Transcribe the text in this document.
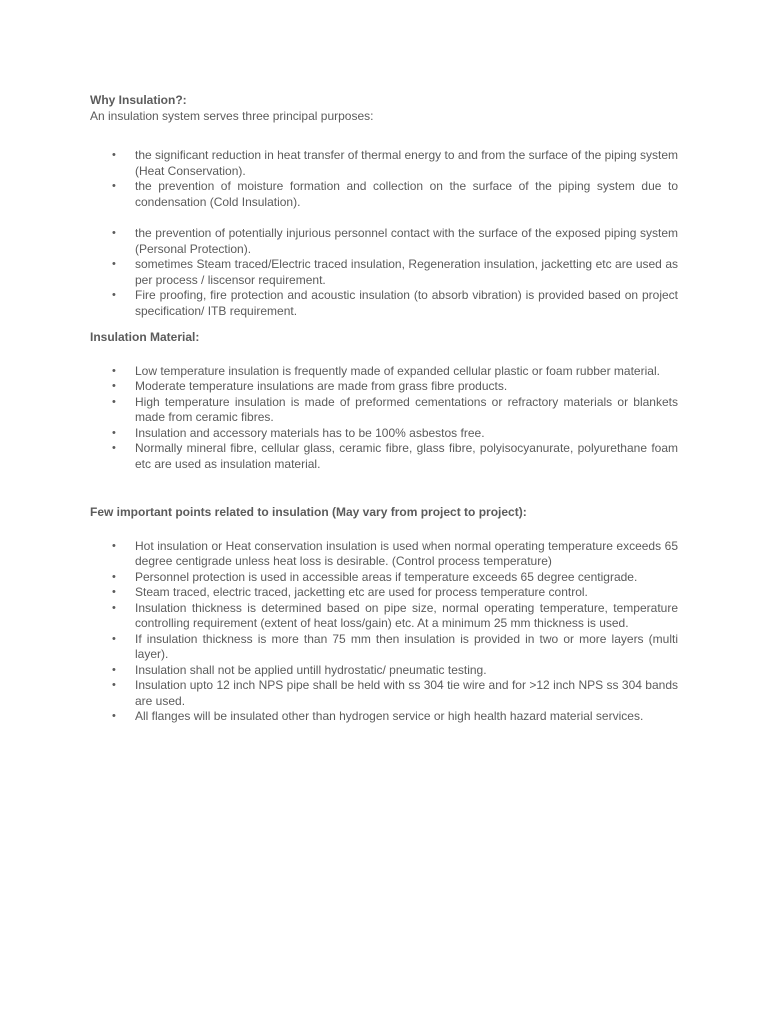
Why Insulation?:

An insulation system serves three principal purposes:

• the significant reduction in heat transfer of thermal energy to and from the surface of the piping system (Heat Conservation).
• the prevention of moisture formation and collection on the surface of the piping system due to condensation (Cold Insulation).
• the prevention of potentially injurious personnel contact with the surface of the exposed piping system (Personal Protection).
• sometimes Steam traced/Electric traced insulation, Regeneration insulation, jacketting etc are used as per process / liscensor requirement.
• Fire proofing, fire protection and acoustic insulation (to absorb vibration) is provided based on project specification/ ITB requirement.

Insulation Material:

• Low temperature insulation is frequently made of expanded cellular plastic or foam rubber material.
• Moderate temperature insulations are made from grass fibre products.
• High temperature insulation is made of preformed cementations or refractory materials or blankets made from ceramic fibres.
• Insulation and accessory materials has to be 100% asbestos free.
• Normally mineral fibre, cellular glass, ceramic fibre, glass fibre, polyisocyanurate, polyurethane foam etc are used as insulation material.

Few important points related to insulation (May vary from project to project):

• Hot insulation or Heat conservation insulation is used when normal operating temperature exceeds 65 degree centigrade unless heat loss is desirable. (Control process temperature)
• Personnel protection is used in accessible areas if temperature exceeds 65 degree centigrade.
• Steam traced, electric traced, jacketting etc are used for process temperature control.
• Insulation thickness is determined based on pipe size, normal operating temperature, temperature controlling requirement (extent of heat loss/gain) etc. At a minimum 25 mm thickness is used.
• If insulation thickness is more than 75 mm then insulation is provided in two or more layers (multi layer).
• Insulation shall not be applied untill hydrostatic/ pneumatic testing.
• Insulation upto 12 inch NPS pipe shall be held with ss 304 tie wire and for >12 inch NPS ss 304 bands are used.
• All flanges will be insulated other than hydrogen service or high health hazard material services.
